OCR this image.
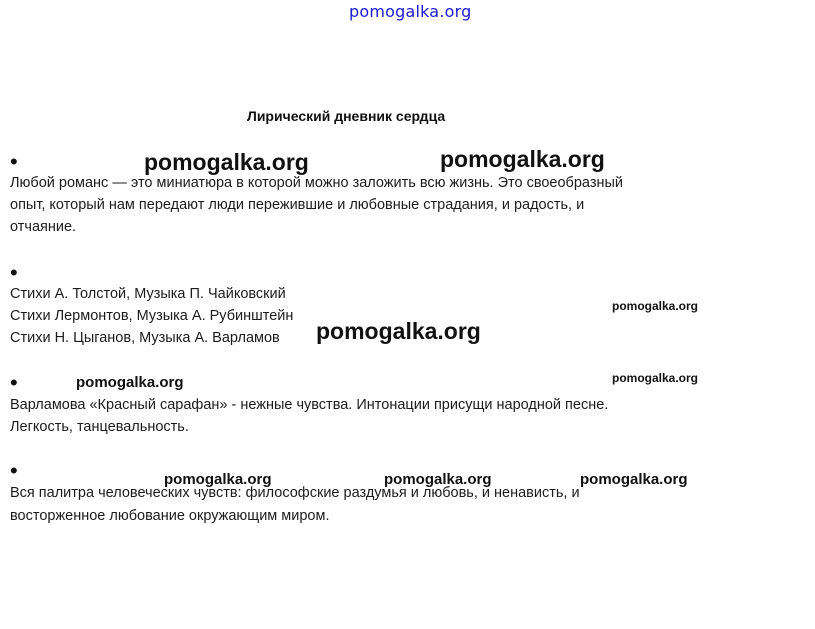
pomogalka.org
Лирический дневник сердца
•
Любой романс — это миниатюра в которой можно заложить всю жизнь. Это своеобразный
опыт, который нам передают люди пережившие и любовные страдания, и радость, и
отчаяние.
•
Стихи А. Толстой, Музыка П. Чайковский
Стихи Лермонтов, Музыка А. Рубинштейн
Стихи Н. Цыганов, Музыка А. Варламов
•
Варламова «Красный сарафан» - нежные чувства. Интонации присущи народной песне.
Легкость, танцевальность.
•
Вся палитра человеческих чувств: философские раздумья и любовь, и ненависть, и
восторженное любование окружающим миром.
pomogalka.org	pomogalka.org
pomogalka.org
pomogalka.org
pomogalka.org	pomogalka.org
pomogalka.org	pomogalka.org	pomogalka.org
